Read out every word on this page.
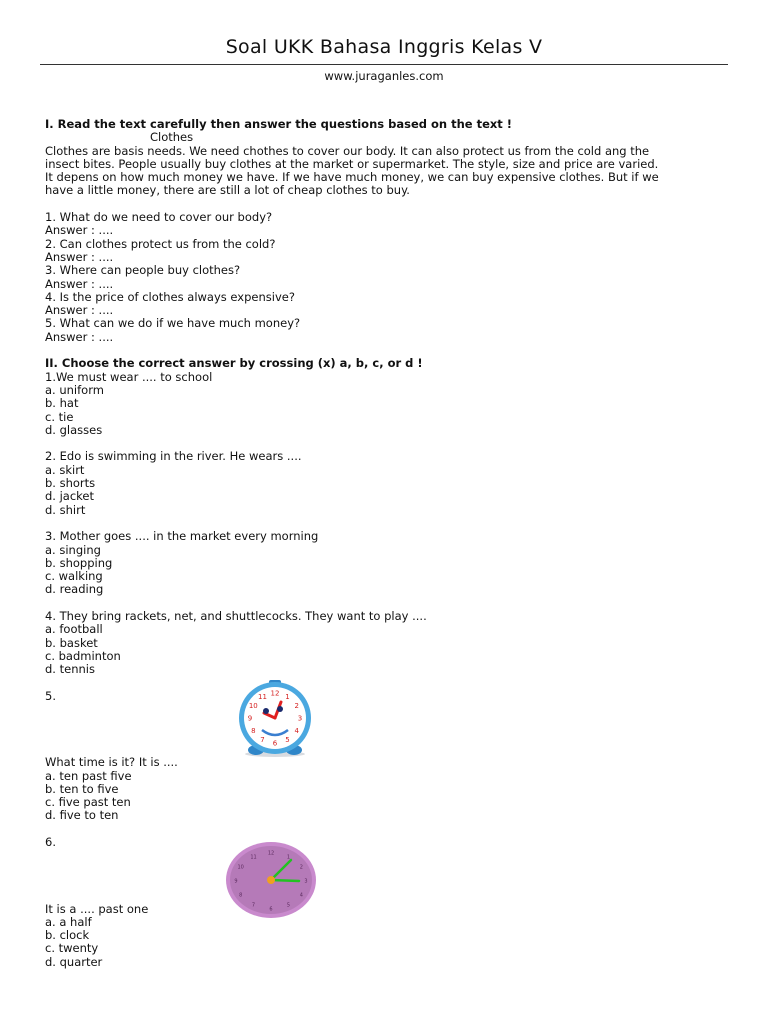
Soal UKK Bahasa Inggris Kelas V
www.juraganles.com
I. Read the text carefully then answer the questions based on the text !
Clothes
Clothes are basis needs. We need chothes to cover our body. It can also protect us from the cold ang the
insect bites. People usually buy clothes at the market or supermarket. The style, size and price are varied.
It depens on how much money we have. If we have much money, we can buy expensive clothes. But if we
have a little money, there are still a lot of cheap clothes to buy.
1. What do we need to cover our body?
Answer : ....
2. Can clothes protect us from the cold?
Answer : ....
3. Where can people buy clothes?
Answer : ....
4. Is the price of clothes always expensive?
Answer : ....
5. What can we do if we have much money?
Answer : ....
II. Choose the correct answer by crossing (x) a, b, c, or d !
1.We must wear .... to school
a. uniform
b. hat
c. tie
d. glasses
2. Edo is swimming in the river. He wears ....
a. skirt
b. shorts
d. jacket
d. shirt
3. Mother goes .... in the market every morning
a. singing
b. shopping
c. walking
d. reading
4. They bring rackets, net, and shuttlecocks. They want to play ....
a. football
b. basket
c. badminton
d. tennis
5.
What time is it? It is ....
a. ten past five
b. ten to five
c. five past ten
d. five to ten
6.
It is a .... past one
a. a half
b. clock
c. twenty
d. quarter
12 1
2
3
4
5
6
7
8
9
10
11
12
1
2
3
4
5
6
7
8
9
10
11
